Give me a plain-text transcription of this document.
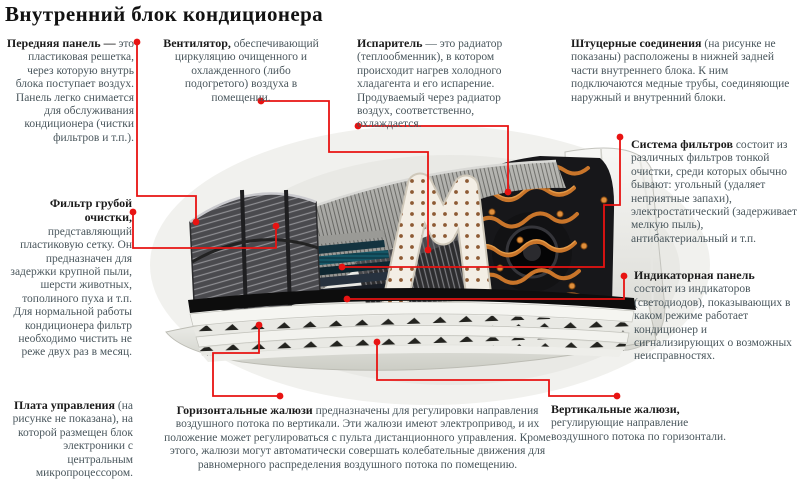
Внутренний блок кондиционера
Передняя панель — это пластиковая решетка, через которую внутрь блока поступает воздух. Панель легко снимается для обслуживания кондиционера (чистки фильтров и т.п.).
Фильтр грубой очистки, представляющий пластиковую сетку. Он предназначен для задержки крупной пыли, шерсти животных, тополиного пуха и т.п. Для нормальной работы кондиционера фильтр необходимо чистить не реже двух раз в месяц.
Плата управления (на рисунке не показана), на которой размещен блок электроники с центральным микропроцессором.
Вентилятор, обеспечивающий циркуляцию очищенного и охлажденного (либо подогретого) воздуха в помещении.
Испаритель — это радиатор (теплообменник), в котором происходит нагрев холодного хладагента и его испарение. Продуваемый через радиатор воздух, соответственно, охлаждается.
Штуцерные соединения (на рисунке не показаны) расположены в нижней задней части внутреннего блока. К ним подключаются медные трубы, соединяющие наружный и внутренний блоки.
Система фильтров состоит из различных фильтров тонкой очистки, среди которых обычно бывают: угольный (удаляет неприятные запахи), электростатический (задерживает мелкую пыль), антибактериальный и т.п.
Индикаторная панель состоит из индикаторов (светодиодов), показывающих в каком режиме работает кондиционер и сигнализирующих о возможных неисправностях.
Вертикальные жалюзи, регулирующие направление воздушного потока по горизонтали.
Горизонтальные жалюзи предназначены для регулировки направления воздушного потока по вертикали. Эти жалюзи имеют электропривод, и их положение может регулироваться с пульта дистанционного управления. Кроме этого, жалюзи могут автоматически совершать колебательные движения для равномерного распределения воздушного потока по помещению.
